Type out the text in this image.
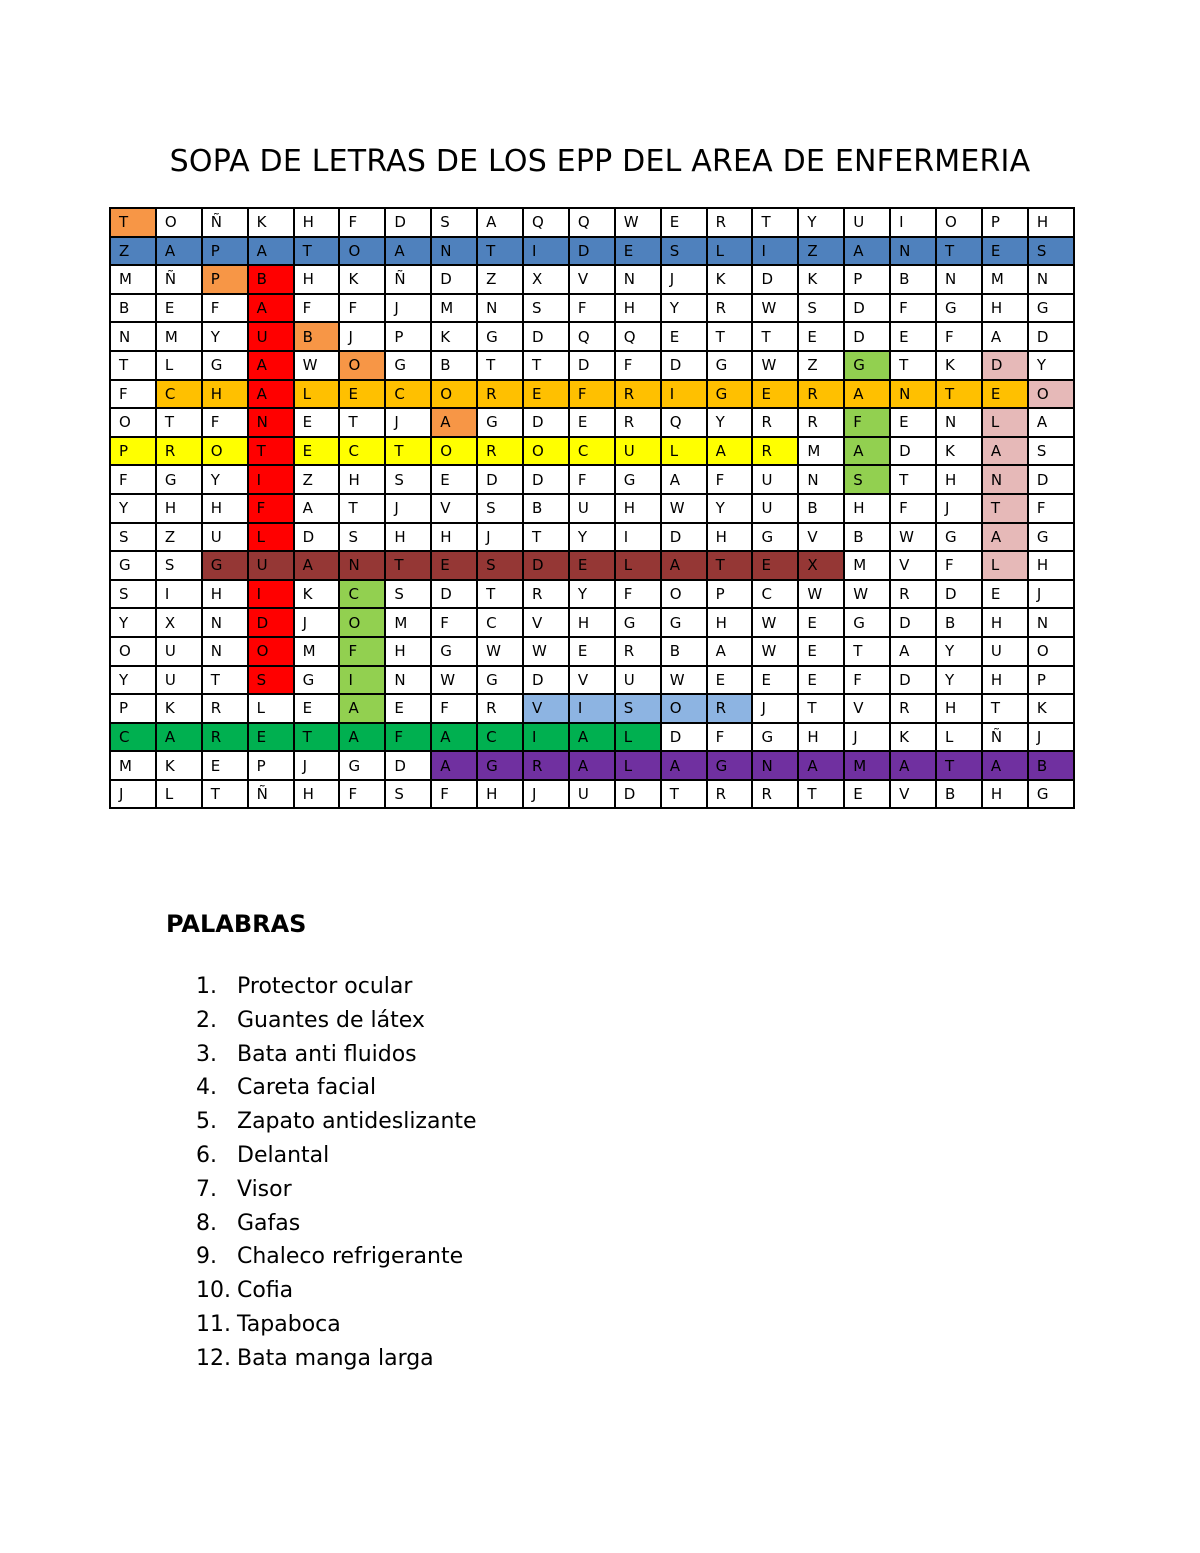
SOPA DE LETRAS DE LOS EPP DEL AREA DE ENFERMERIA
T	O	Ñ	K	H	F	D	S	A	Q	Q	W	E	R	T	Y	U	I	O	P	H
Z	A	P	A	T	O	A	N	T	I	D	E	S	L	I	Z	A	N	T	E	S
M	Ñ	P	B	H	K	Ñ	D	Z	X	V	N	J	K	D	K	P	B	N	M	N
B	E	F	A	F	F	J	M	N	S	F	H	Y	R	W	S	D	F	G	H	G
N	M	Y	U	B	J	P	K	G	D	Q	Q	E	T	T	E	D	E	F	A	D
T	L	G	A	W	O	G	B	T	T	D	F	D	G	W	Z	G	T	K	D	Y
F	C	H	A	L	E	C	O	R	E	F	R	I	G	E	R	A	N	T	E	O
O	T	F	N	E	T	J	A	G	D	E	R	Q	Y	R	R	F	E	N	L	A
P	R	O	T	E	C	T	O	R	O	C	U	L	A	R	M	A	D	K	A	S
F	G	Y	I	Z	H	S	E	D	D	F	G	A	F	U	N	S	T	H	N	D
Y	H	H	F	A	T	J	V	S	B	U	H	W	Y	U	B	H	F	J	T	F
S	Z	U	L	D	S	H	H	J	T	Y	I	D	H	G	V	B	W	G	A	G
G	S	G	U	A	N	T	E	S	D	E	L	A	T	E	X	M	V	F	L	H
S	I	H	I	K	C	S	D	T	R	Y	F	O	P	C	W	W	R	D	E	J
Y	X	N	D	J	O	M	F	C	V	H	G	G	H	W	E	G	D	B	H	N
O	U	N	O	M	F	H	G	W	W	E	R	B	A	W	E	T	A	Y	U	O
Y	U	T	S	G	I	N	W	G	D	V	U	W	E	E	E	F	D	Y	H	P
P	K	R	L	E	A	E	F	R	V	I	S	O	R	J	T	V	R	H	T	K
C	A	R	E	T	A	F	A	C	I	A	L	D	F	G	H	J	K	L	Ñ	J
M	K	E	P	J	G	D	A	G	R	A	L	A	G	N	A	M	A	T	A	B
J	L	T	Ñ	H	F	S	F	H	J	U	D	T	R	R	T	E	V	B	H	G
PALABRAS
1. Protector ocular
2. Guantes de látex
3. Bata anti fluidos
4. Careta facial
5. Zapato antideslizante
6. Delantal
7. Visor
8. Gafas
9. Chaleco refrigerante
10. Cofia
11. Tapaboca
12. Bata manga larga
